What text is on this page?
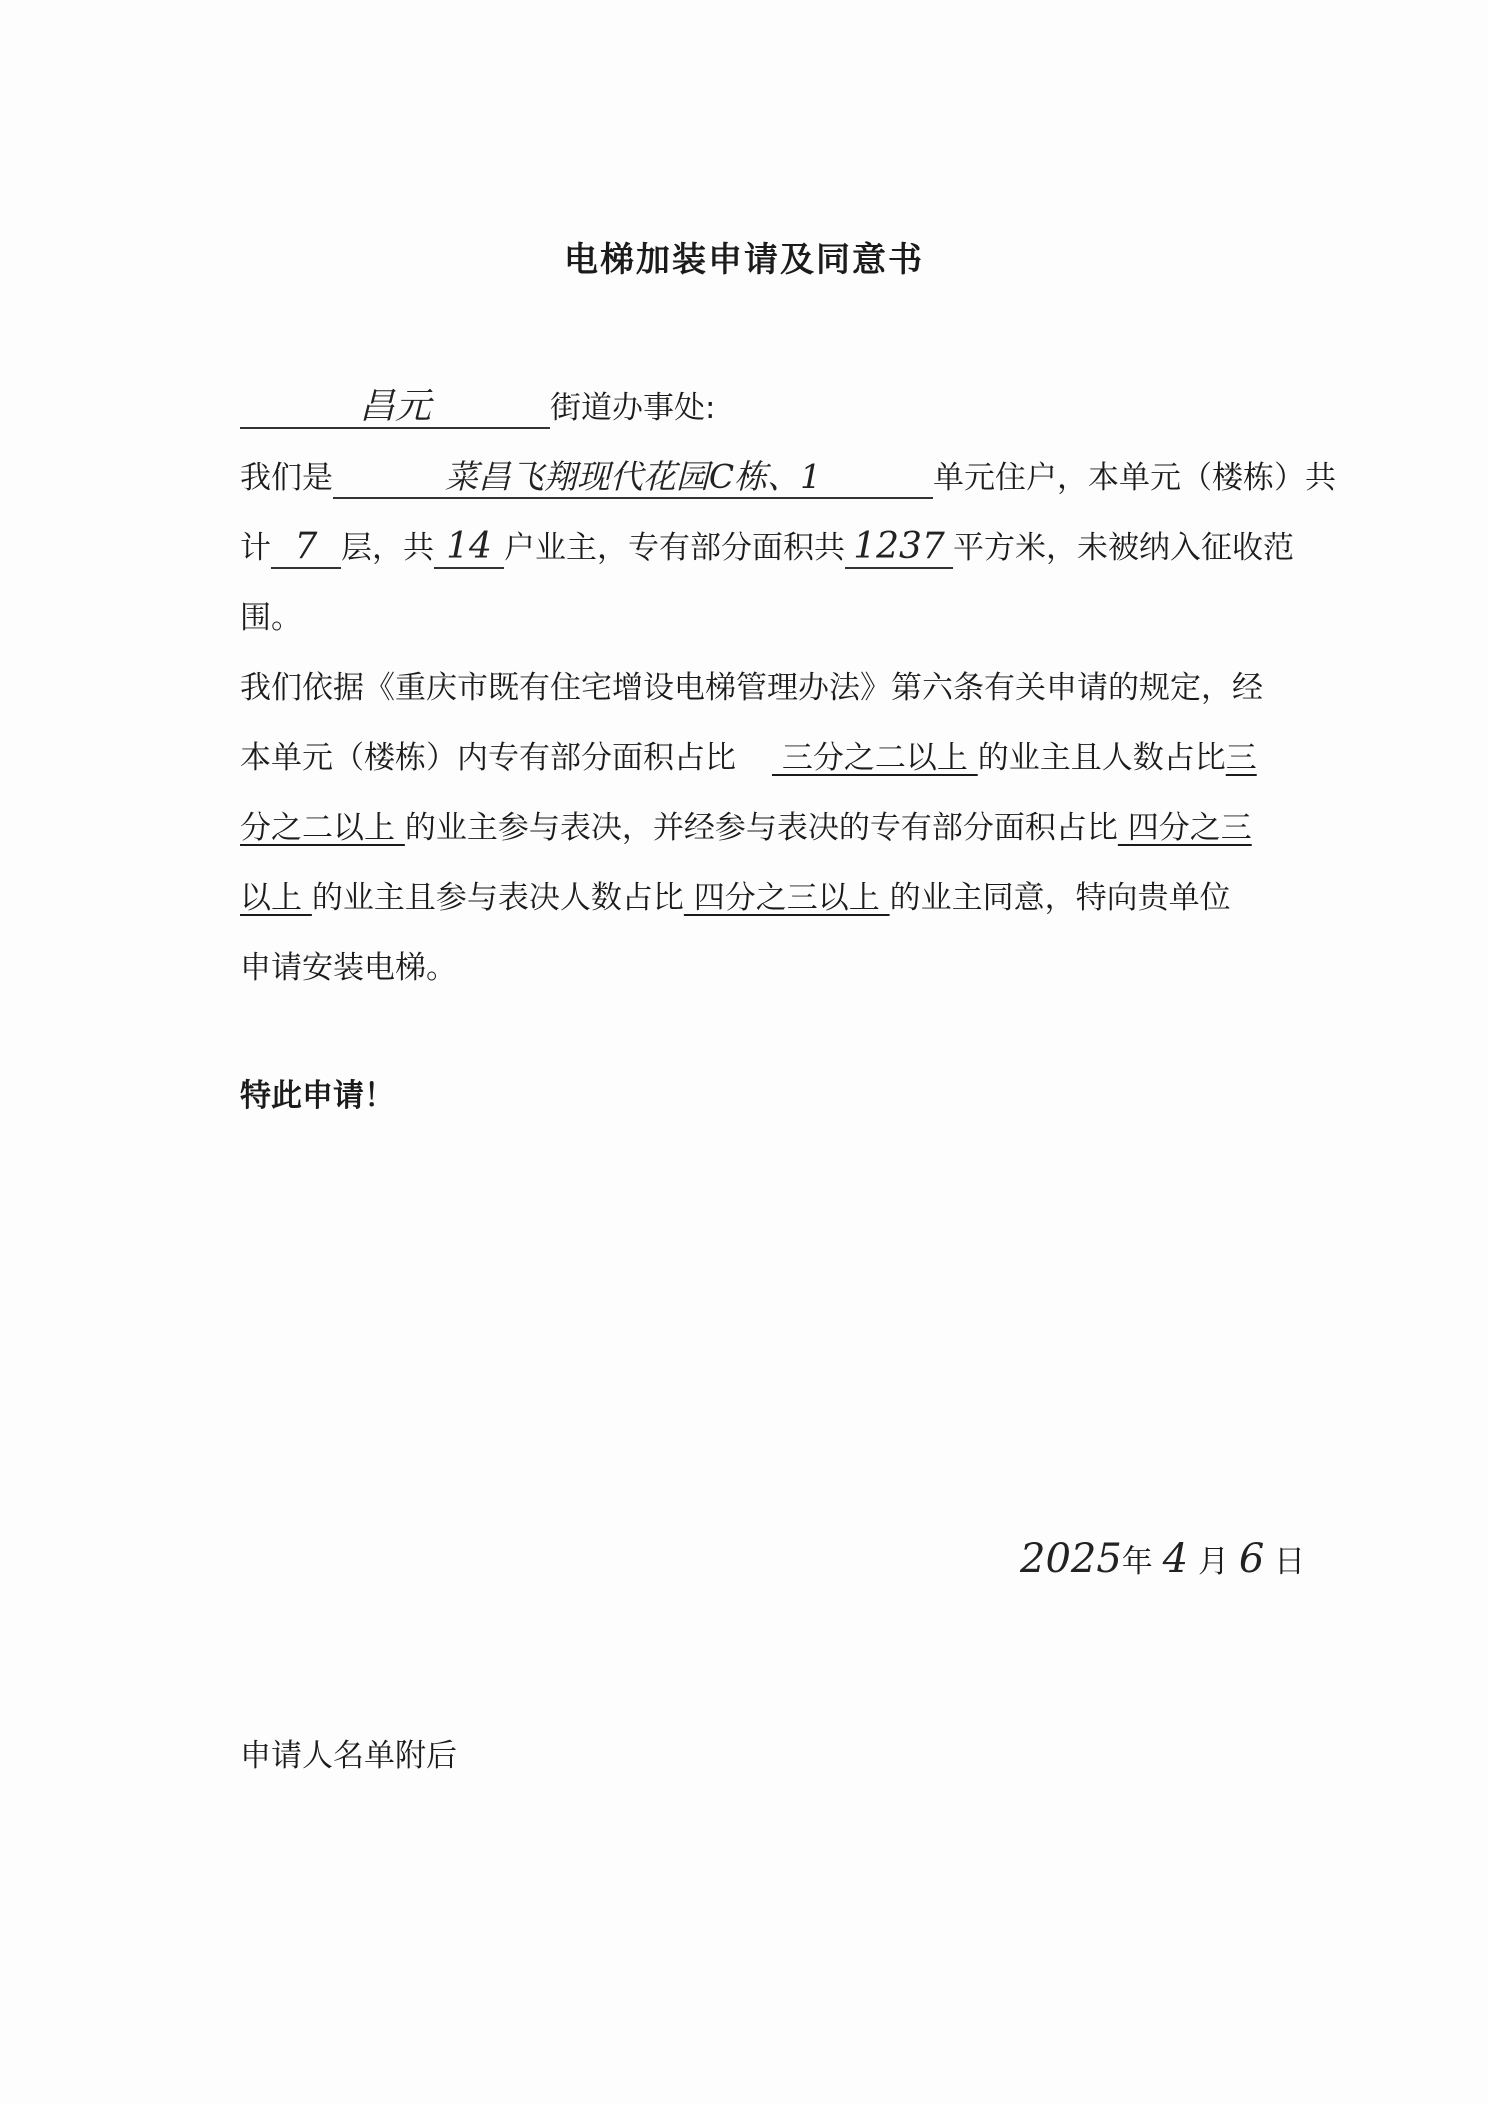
电梯加装申请及同意书
昌元	街道办事处:
我们是	菜昌飞翔现代花园C栋、1	单元住户，本单元（楼栋）共
计 7 层，共 14 户业主，专有部分面积共 1237 平方米，未被纳入征收范
围。
我们依据《重庆市既有住宅增设电梯管理办法》第六条有关申请的规定，经
本单元（楼栋）内专有部分面积占比 三分之二以上 的业主且人数占比三
分之二以上 的业主参与表决，并经参与表决的专有部分面积占比 四分之三
以上 的业主且参与表决人数占比 四分之三以上 的业主同意，特向贵单位
申请安装电梯。
特此申请！
2025年 4 月 6 日
申请人名单附后
